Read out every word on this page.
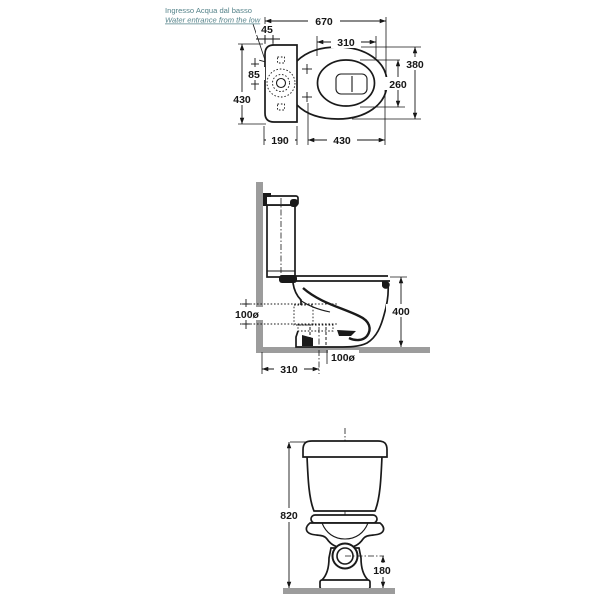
670
45
310
380
260
85
430
190	430
Ingresso Acqua dal basso
Water entrance from the low
100ø	400
310
100ø
820
180
